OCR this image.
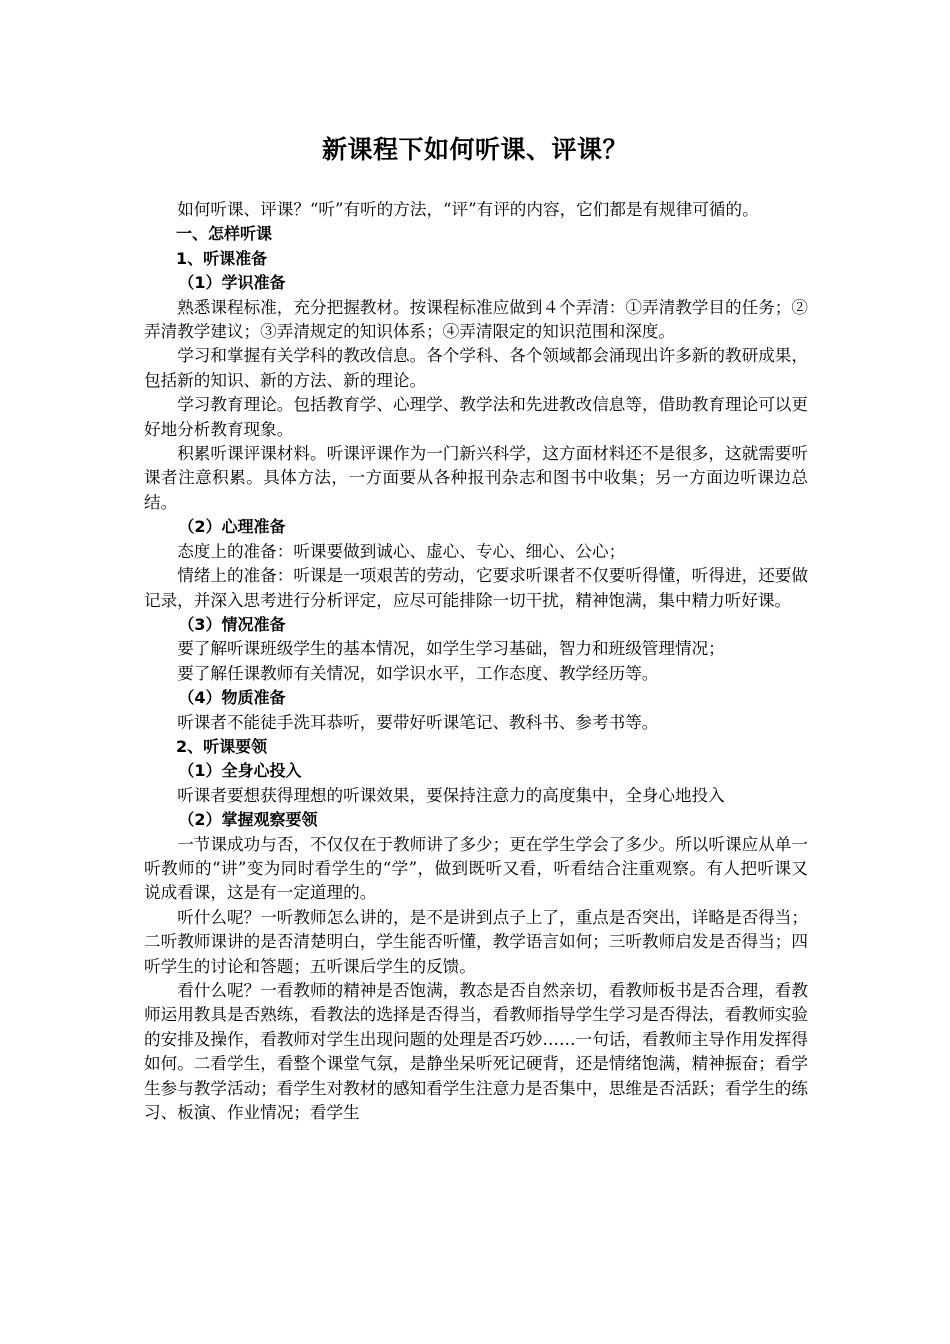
新课程下如何听课、评课？

如何听课、评课？“听”有听的方法，“评”有评的内容，它们都是有规律可循的。

一、怎样听课

1、听课准备

（1）学识准备

熟悉课程标准，充分把握教材。按课程标准应做到４个弄清：①弄清教学目的任务；②弄清教学建议；③弄清规定的知识体系；④弄清限定的知识范围和深度。

学习和掌握有关学科的教改信息。各个学科、各个领域都会涌现出许多新的教研成果，包括新的知识、新的方法、新的理论。

学习教育理论。包括教育学、心理学、教学法和先进教改信息等，借助教育理论可以更好地分析教育现象。

积累听课评课材料。听课评课作为一门新兴科学，这方面材料还不是很多，这就需要听课者注意积累。具体方法，一方面要从各种报刊杂志和图书中收集；另一方面边听课边总结。

（2）心理准备

态度上的准备：听课要做到诚心、虚心、专心、细心、公心；

情绪上的准备：听课是一项艰苦的劳动，它要求听课者不仅要听得懂，听得进，还要做记录，并深入思考进行分析评定，应尽可能排除一切干扰，精神饱满，集中精力听好课。

（3）情况准备

要了解听课班级学生的基本情况，如学生学习基础，智力和班级管理情况；

要了解任课教师有关情况，如学识水平，工作态度、教学经历等。

（4）物质准备

听课者不能徒手洗耳恭听，要带好听课笔记、教科书、参考书等。

2、听课要领

（1）全身心投入

听课者要想获得理想的听课效果，要保持注意力的高度集中，全身心地投入

（2）掌握观察要领

一节课成功与否，不仅仅在于教师讲了多少；更在学生学会了多少。所以听课应从单一听教师的“讲”变为同时看学生的“学”，做到既听又看，听看结合注重观察。有人把听课又说成看课，这是有一定道理的。

听什么呢？一听教师怎么讲的，是不是讲到点子上了，重点是否突出，详略是否得当；二听教师课讲的是否清楚明白，学生能否听懂，教学语言如何；三听教师启发是否得当；四听学生的讨论和答题；五听课后学生的反馈。

看什么呢？一看教师的精神是否饱满，教态是否自然亲切，看教师板书是否合理，看教师运用教具是否熟练，看教法的选择是否得当，看教师指导学生学习是否得法，看教师实验的安排及操作，看教师对学生出现问题的处理是否巧妙……一句话，看教师主导作用发挥得如何。二看学生，看整个课堂气氛，是静坐呆听死记硬背，还是情绪饱满，精神振奋；看学生参与教学活动；看学生对教材的感知看学生注意力是否集中，思维是否活跃；看学生的练习、板演、作业情况；看学生
